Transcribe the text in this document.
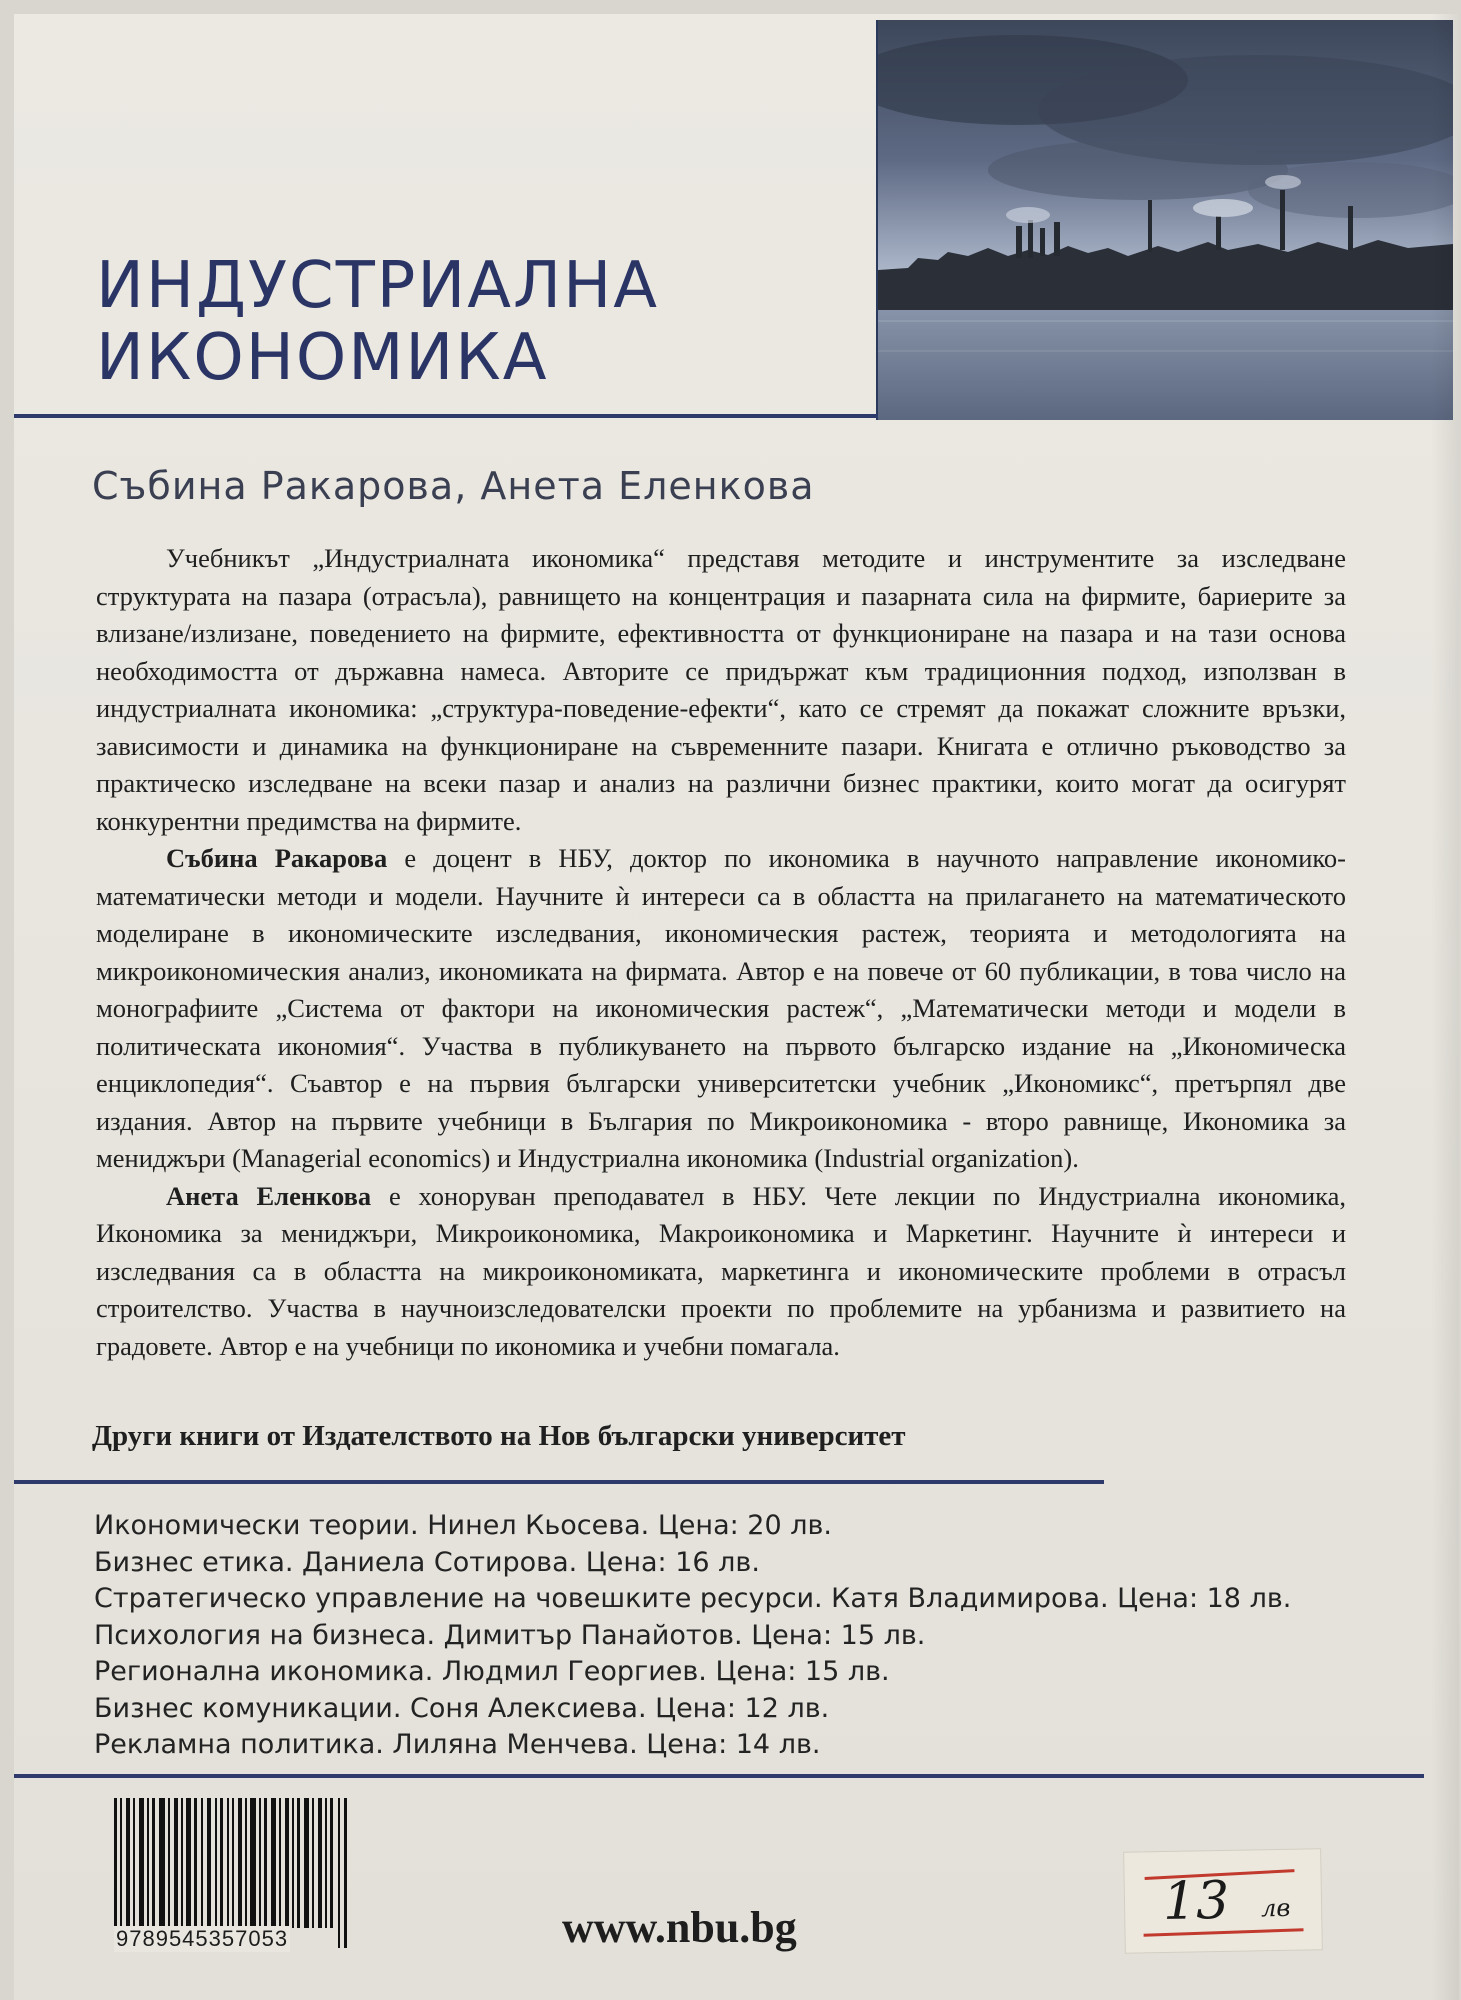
ИНДУСТРИАЛНА
ИКОНОМИКА
Събина Ракарова, Анета Еленкова

Учебникът „Индустриалната икономика“ представя методите и инструментите за изследване структурата на пазара (отрасъла), равнището на концентрация и пазарната сила на фирмите, бариерите за влизане/излизане, поведението на фирмите, ефективността от функциониране на пазара и на тази основа необходимостта от държавна намеса. Авторите се придържат към традиционния подход, използван в индустриалната икономика: „структура-поведение-ефекти“, като се стремят да покажат сложните връзки, зависимости и динамика на функциониране на съвременните пазари. Книгата е отлично ръководство за практическо изследване на всеки пазар и анализ на различни бизнес практики, които могат да осигурят конкурентни предимства на фирмите.

Събина Ракарова е доцент в НБУ, доктор по икономика в научното направление икономико-математически методи и модели. Научните ѝ интереси са в областта на прилагането на математическото моделиране в икономическите изследвания, икономическия растеж, теорията и методологията на микроикономическия анализ, икономиката на фирмата. Автор е на повече от 60 публикации, в това число на монографиите „Система от фактори на икономическия растеж“, „Математически методи и модели в политическата икономия“. Участва в публикуването на първото българско издание на „Икономическа енциклопедия“. Съавтор е на първия български университетски учебник „Икономикс“, претърпял две издания. Автор на първите учебници в България по Микроикономика - второ равнище, Икономика за мениджъри (Managerial economics) и Индустриална икономика (Industrial organization).

Анета Еленкова е хоноруван преподавател в НБУ. Чете лекции по Индустриална икономика, Икономика за мениджъри, Микроикономика, Макроикономика и Маркетинг. Научните ѝ интереси и изследвания са в областта на микроикономиката, маркетинга и икономическите проблеми в отрасъл строителство. Участва в научноизследователски проекти по проблемите на урбанизма и развитието на градовете. Автор е на учебници по икономика и учебни помагала.

Други книги от Издателството на Нов български университет
Икономически теории. Нинел Кьосева. Цена: 20 лв.
Бизнес етика. Даниела Сотирова. Цена: 16 лв.
Стратегическо управление на човешките ресурси. Катя Владимирова. Цена: 18 лв.
Психология на бизнеса. Димитър Панайотов. Цена: 15 лв.
Регионална икономика. Людмил Георгиев. Цена: 15 лв.
Бизнес комуникации. Соня Алексиева. Цена: 12 лв.
Рекламна политика. Лиляна Менчева. Цена: 14 лв.
9789545357053	www.nbu.bg	13 лв
